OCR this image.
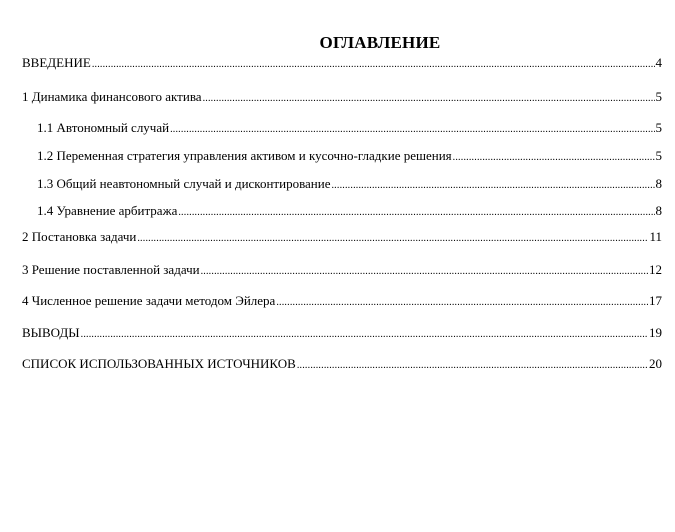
ОГЛАВЛЕНИЕ
ВВЕДЕНИЕ .....	4
1 Динамика финансового актива .....	5
1.1 Автономный случай .....	5
1.2 Переменная стратегия управления активом и кусочно-гладкие решения .....	5
1.3 Общий неавтономный случай и дисконтирование .....	8
1.4 Уравнение арбитража .....	8
2 Постановка задачи .....	11
3 Решение поставленной задачи .....	12
4 Численное решение задачи методом Эйлера .....	17
ВЫВОДЫ .....	19
СПИСОК ИСПОЛЬЗОВАННЫХ ИСТОЧНИКОВ .....	20
